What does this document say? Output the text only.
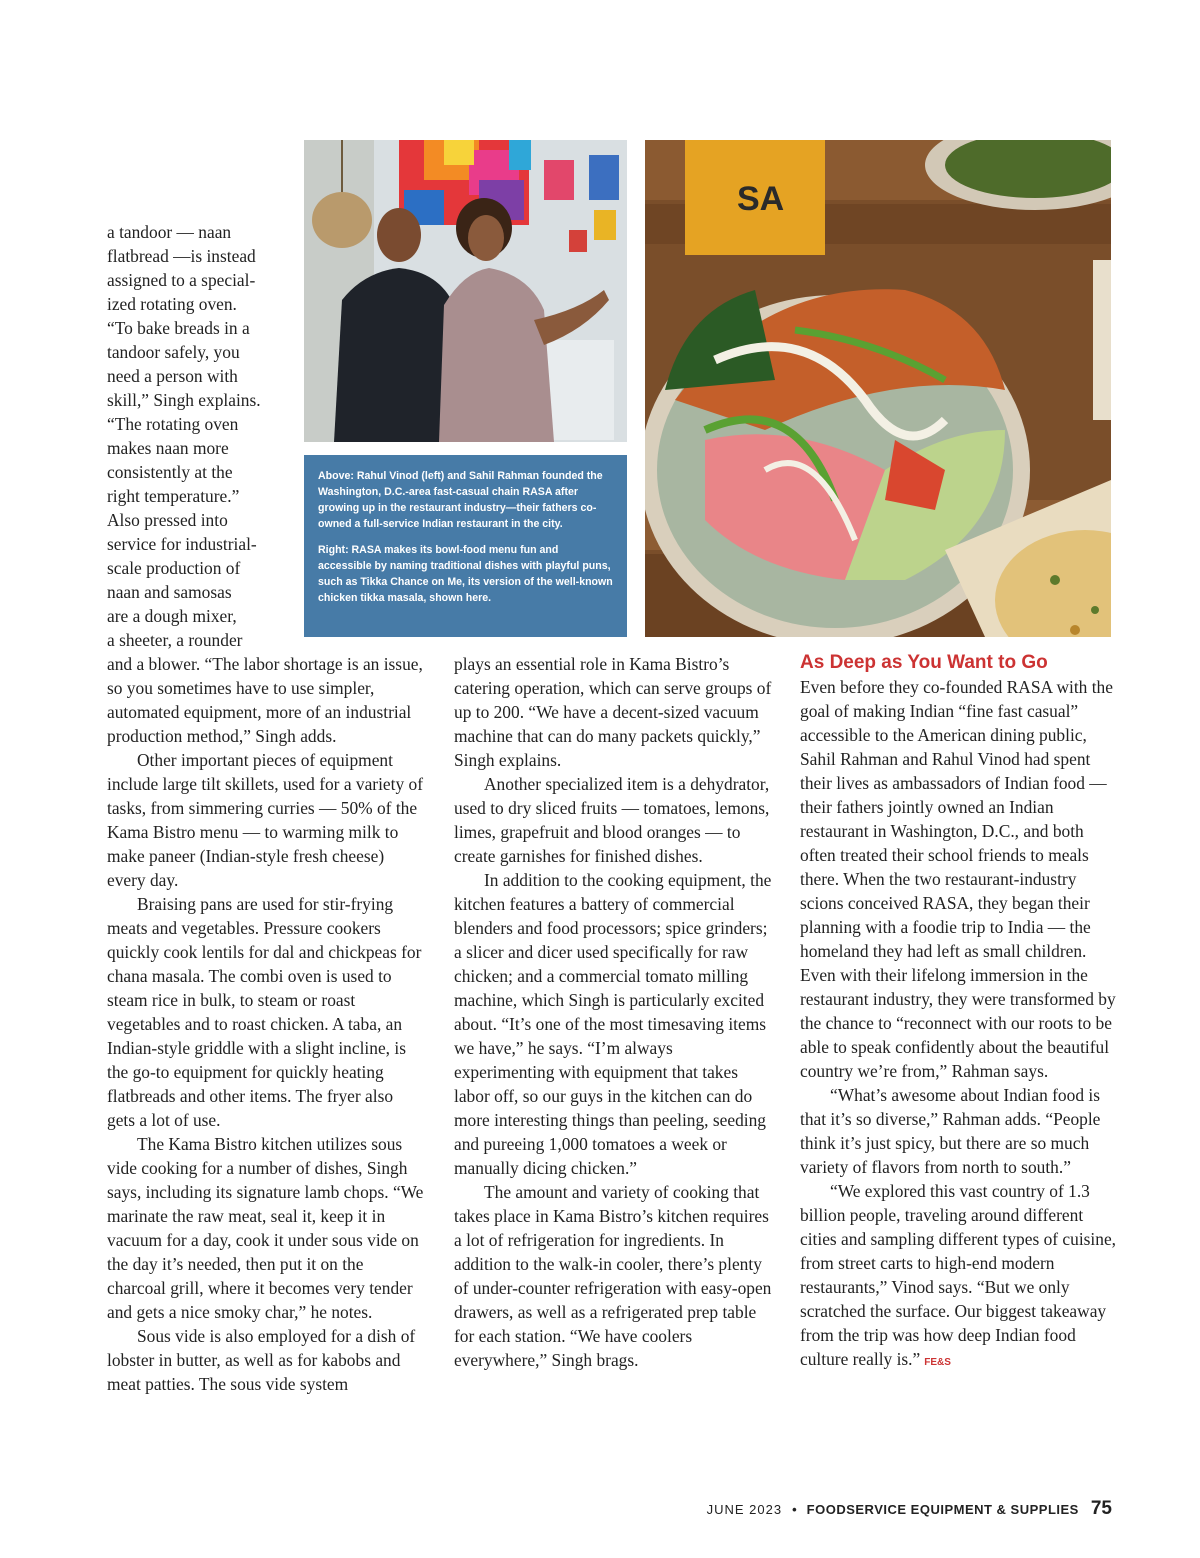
SA

Above: Rahul Vinod (left) and Sahil Rahman founded the Washington, D.C.-area fast-casual chain RASA after growing up in the restaurant industry—their fathers co-owned a full-service Indian restaurant in the city.

Right: RASA makes its bowl-food menu fun and accessible by naming traditional dishes with playful puns, such as Tikka Chance on Me, its version of the well-known chicken tikka masala, shown here.

a tandoor — naan
flatbread —is instead
assigned to a special-
ized rotating oven.
“To bake breads in a
tandoor safely, you
need a person with
skill,” Singh explains.
“The rotating oven
makes naan more
consistently at the
right temperature.”
Also pressed into
service for industrial-
scale production of
naan and samosas
are a dough mixer,
a sheeter, a rounder

and a blower. “The labor shortage is an issue, so you sometimes have to use simpler, automated equipment, more of an industrial production method,” Singh adds.

Other important pieces of equipment include large tilt skillets, used for a variety of tasks, from simmering curries — 50% of the Kama Bistro menu — to warming milk to make paneer (Indian-style fresh cheese) every day.

Braising pans are used for stir-frying meats and vegetables. Pressure cookers quickly cook lentils for dal and chickpeas for chana masala. The combi oven is used to steam rice in bulk, to steam or roast vegetables and to roast chicken. A taba, an Indian-style griddle with a slight incline, is the go-to equipment for quickly heating flatbreads and other items. The fryer also gets a lot of use.

The Kama Bistro kitchen utilizes sous vide cooking for a number of dishes, Singh says, including its signature lamb chops. “We marinate the raw meat, seal it, keep it in vacuum for a day, cook it under sous vide on the day it’s needed, then put it on the charcoal grill, where it becomes very tender and gets a nice smoky char,” he notes.

Sous vide is also employed for a dish of lobster in butter, as well as for kabobs and meat patties. The sous vide system

plays an essential role in Kama Bistro’s catering operation, which can serve groups of up to 200. “We have a decent-sized vacuum machine that can do many packets quickly,” Singh explains.

Another specialized item is a dehydrator, used to dry sliced fruits — tomatoes, lemons, limes, grapefruit and blood oranges — to create garnishes for finished dishes.

In addition to the cooking equipment, the kitchen features a battery of commercial blenders and food processors; spice grinders; a slicer and dicer used specifically for raw chicken; and a commercial tomato milling machine, which Singh is particularly excited about. “It’s one of the most timesaving items we have,” he says. “I’m always experimenting with equipment that takes labor off, so our guys in the kitchen can do more interesting things than peeling, seeding and pureeing 1,000 tomatoes a week or manually dicing chicken.”

The amount and variety of cooking that takes place in Kama Bistro’s kitchen requires a lot of refrigeration for ingredients. In addition to the walk-in cooler, there’s plenty of under-counter refrigeration with easy-open drawers, as well as a refrigerated prep table for each station. “We have coolers everywhere,” Singh brags.

As Deep as You Want to Go

Even before they co-founded RASA with the goal of making Indian “fine fast casual” accessible to the American dining public, Sahil Rahman and Rahul Vinod had spent their lives as ambassadors of Indian food — their fathers jointly owned an Indian restaurant in Washington, D.C., and both often treated their school friends to meals there. When the two restaurant-industry scions conceived RASA, they began their planning with a foodie trip to India — the homeland they had left as small children. Even with their lifelong immersion in the restaurant industry, they were transformed by the chance to “reconnect with our roots to be able to speak confidently about the beautiful country we’re from,” Rahman says.

“What’s awesome about Indian food is that it’s so diverse,” Rahman adds. “People think it’s just spicy, but there are so much variety of flavors from north to south.”

“We explored this vast country of 1.3 billion people, traveling around different cities and sampling different types of cuisine, from street carts to high-end modern restaurants,” Vinod says. “But we only scratched the surface. Our biggest takeaway from the trip was how deep Indian food culture really is.” FE&S

JUNE 2023 • FOODSERVICE EQUIPMENT & SUPPLIES 75
